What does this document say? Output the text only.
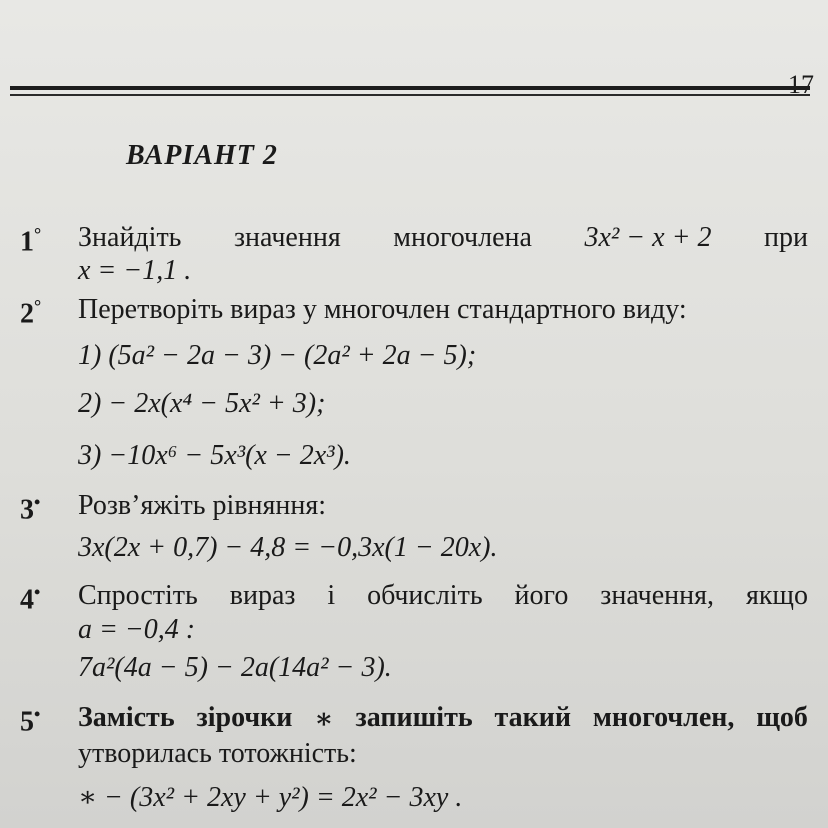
17
ВАРІАНТ 2
1° Знайдіть значення многочлена 3x² − x + 2 при
x = −1,1 .
2° Перетворіть вираз у многочлен стандартного виду:
1) (5a² − 2a − 3) − (2a² + 2a − 5);
2) − 2x(x⁴ − 5x² + 3);
3) −10x⁶ − 5x³(x − 2x³).
3• Розв’яжіть рівняння:
3x(2x + 0,7) − 4,8 = −0,3x(1 − 20x).
4• Спростіть вираз і обчисліть його значення, якщо
a = −0,4 :
7a²(4a − 5) − 2a(14a² − 3).
5• Замість зірочки ∗ запишіть такий многочлен, щоб
утворилась тотожність:
∗ − (3x² + 2xy + y²) = 2x² − 3xy .
